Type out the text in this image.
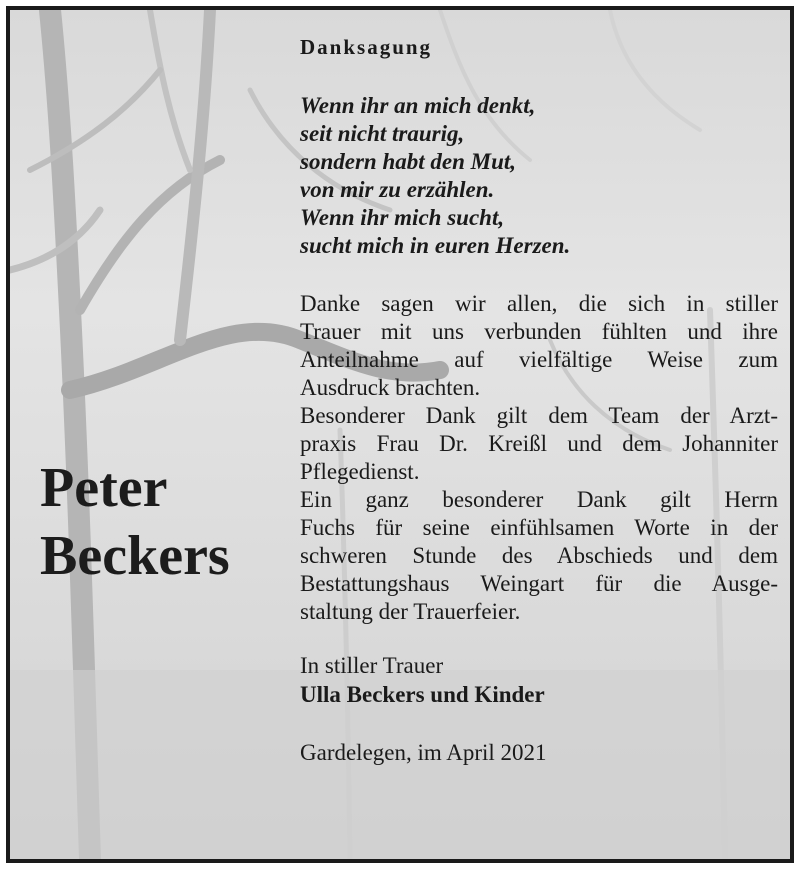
Peter
Beckers
Danksagung
Wenn ihr an mich denkt,
seit nicht traurig,
sondern habt den Mut,
von mir zu erzählen.
Wenn ihr mich sucht,
sucht mich in euren Herzen.
Danke sagen wir allen, die sich in stiller
Trauer mit uns verbunden fühlten und ihre
Anteilnahme auf vielfältige Weise zum
Ausdruck brachten.
Besonderer Dank gilt dem Team der Arzt-
praxis Frau Dr. Kreißl und dem Johanniter
Pflegedienst.
Ein ganz besonderer Dank gilt Herrn
Fuchs für seine einfühlsamen Worte in der
schweren Stunde des Abschieds und dem
Bestattungshaus Weingart für die Ausge-
staltung der Trauerfeier.
In stiller Trauer
Ulla Beckers und Kinder
Gardelegen, im April 2021
